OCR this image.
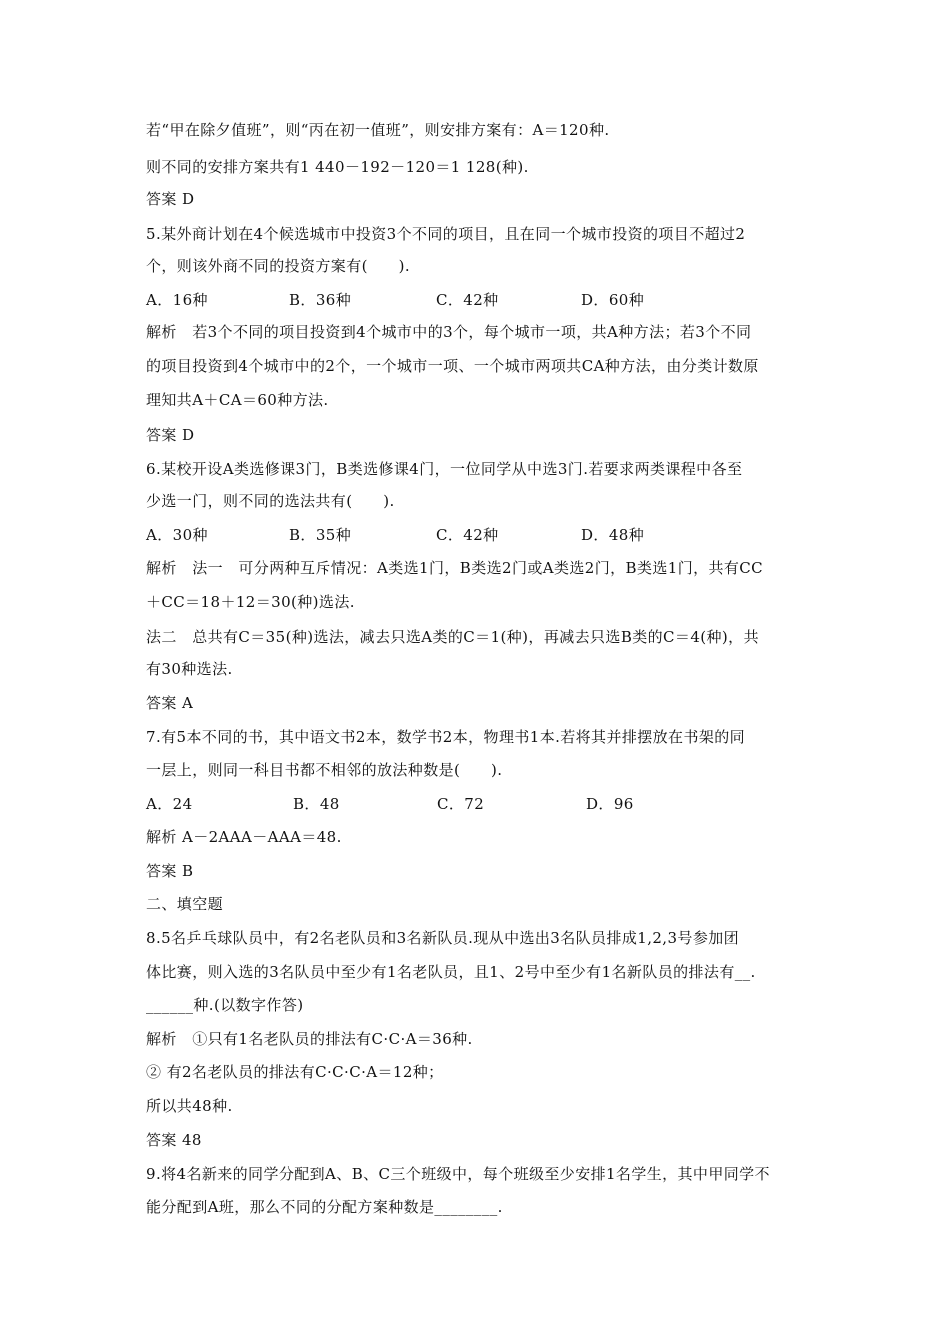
若“甲在除夕值班”，则“丙在初一值班”，则安排方案有：A＝120种.
则不同的安排方案共有1 440－192－120＝1 128(种).
答案 D
5.某外商计划在4个候选城市中投资3个不同的项目，且在同一个城市投资的项目不超过2
个，则该外商不同的投资方案有(　　).
A．16种	B．36种	C．42种	D．60种
解析　若3个不同的项目投资到4个城市中的3个，每个城市一项，共A种方法；若3个不同
的项目投资到4个城市中的2个，一个城市一项、一个城市两项共CA种方法，由分类计数原
理知共A＋CA＝60种方法.
答案 D
6.某校开设A类选修课3门，B类选修课4门，一位同学从中选3门.若要求两类课程中各至
少选一门，则不同的选法共有(　　).
A．30种	B．35种	C．42种	D．48种
解析　法一　可分两种互斥情况：A类选1门，B类选2门或A类选2门，B类选1门，共有CC
＋CC＝18＋12＝30(种)选法.
法二　总共有C＝35(种)选法，减去只选A类的C＝1(种)，再减去只选B类的C＝4(种)，共
有30种选法.
答案 A
7.有5本不同的书，其中语文书2本，数学书2本，物理书1本.若将其并排摆放在书架的同
一层上，则同一科目书都不相邻的放法种数是(　　).
A．24	B．48	C．72	D．96
解析 A－2AAA－AAA＝48.
答案 B
二、填空题
8.5名乒乓球队员中，有2名老队员和3名新队员.现从中选出3名队员排成1,2,3号参加团
体比赛，则入选的3名队员中至少有1名老队员，且1、2号中至少有1名新队员的排法有__.
______种.(以数字作答)
解析　①只有1名老队员的排法有C·C·A＝36种.
② 有2名老队员的排法有C·C·C·A＝12种；
所以共48种.
答案 48
9.将4名新来的同学分配到A、B、C三个班级中，每个班级至少安排1名学生，其中甲同学不
能分配到A班，那么不同的分配方案种数是________.
